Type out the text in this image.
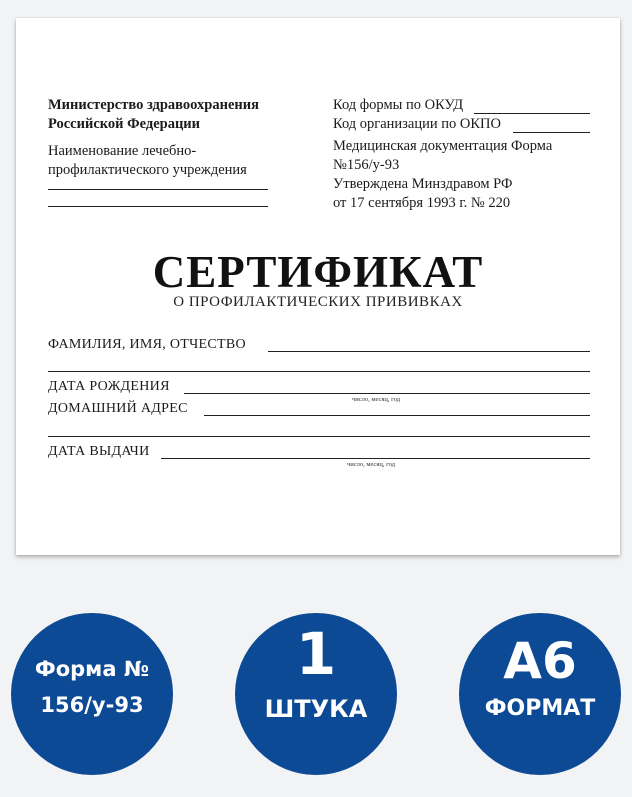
Министерство здравоохранения
Российской Федерации
Наименование лечебно-
профилактического учреждения
Код формы по ОКУД
Код организации по ОКПО
Медицинская документация Форма
№156/у-93
Утверждена Минздравом РФ
от 17 сентября 1993 г. № 220
СЕРТИФИКАТ
О ПРОФИЛАКТИЧЕСКИХ ПРИВИВКАХ
ФАМИЛИЯ, ИМЯ, ОТЧЕСТВО
ДАТА РОЖДЕНИЯ
число, месяц, год
ДОМАШНИЙ АДРЕС
ДАТА ВЫДАЧИ
число, месяц, год
Форма №
156/у-93
1
ШТУКА
А6
ФОРМАТ
